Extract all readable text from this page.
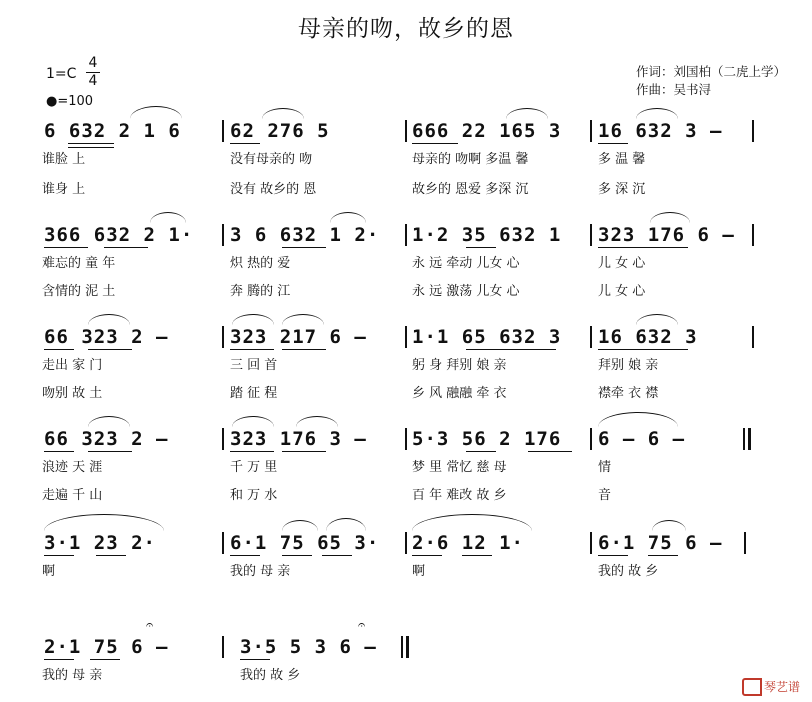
母亲的吻，故乡的恩
作词：刘国柏（二虎上学）
作曲：吴书浔
1=C
4
4
●=100
6 632 2 1 6	62 276 5	666 22 165 3 16 632 3 –
谁脸 上	没有母亲的 吻	母亲的 吻啊 多温 馨	多 温 馨
谁身 上	没有 故乡的 恩	故乡的 恩爱 多深 沉	多 深 沉
366 632 2 1· 3 6 632 1 2· 1·2 35 632 1 323 176 6 –
难忘的 童 年	炽 热的 爱	永 远 牵动 儿女 心	儿 女 心
含情的 泥 土	奔 腾的 江	永 远 激荡 儿女 心	儿 女 心
66 323 2 –	323 217 6 – 1·1 65 632 3 16 632 3
走出 家 门	三 回 首	躬 身 拜别 娘 亲	拜别 娘 亲
吻别 故 土	踏 征 程	乡 风 融融 牵 衣	襟牵 衣 襟
66 323 2 –	323 176 3 – 5·3 56 2 176 6 – 6 –
浪迹 天 涯	千 万 里	梦 里 常忆 慈 母	情
走遍 千 山	和 万 水	百 年 难改 故 乡	音
3·1 23 2·	6·1 75 65 3· 2·6 12 1·	6·1 75 6 –
啊	我的 母 亲	啊	我的 故 乡
2·1 75 6 –	3·5 5 3 6 –
𝄐	𝄐
我的 母 亲	我的 故 乡
琴艺谱
